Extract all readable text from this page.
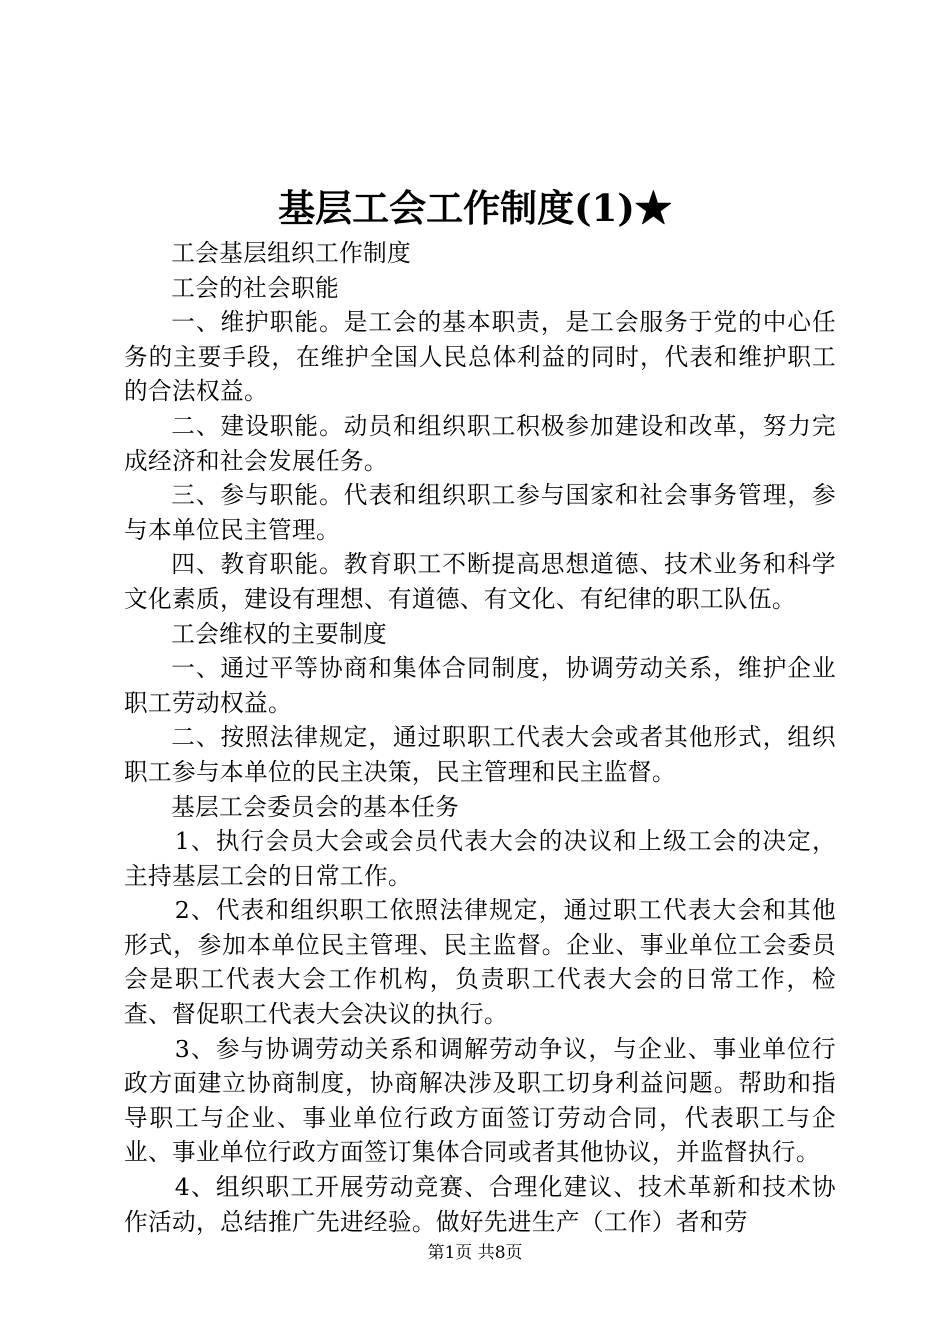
基层工会工作制度(1)★

工会基层组织工作制度

工会的社会职能

一、维护职能。是工会的基本职责，是工会服务于党的中心任务的主要手段，在维护全国人民总体利益的同时，代表和维护职工的合法权益。

二、建设职能。动员和组织职工积极参加建设和改革，努力完成经济和社会发展任务。

三、参与职能。代表和组织职工参与国家和社会事务管理，参与本单位民主管理。

四、教育职能。教育职工不断提高思想道德、技术业务和科学文化素质，建设有理想、有道德、有文化、有纪律的职工队伍。

工会维权的主要制度

一、通过平等协商和集体合同制度，协调劳动关系，维护企业职工劳动权益。

二、按照法律规定，通过职职工代表大会或者其他形式，组织职工参与本单位的民主决策，民主管理和民主监督。

基层工会委员会的基本任务

1、执行会员大会或会员代表大会的决议和上级工会的决定，主持基层工会的日常工作。

2、代表和组织职工依照法律规定，通过职工代表大会和其他形式，参加本单位民主管理、民主监督。企业、事业单位工会委员会是职工代表大会工作机构，负责职工代表大会的日常工作，检查、督促职工代表大会决议的执行。

3、参与协调劳动关系和调解劳动争议，与企业、事业单位行政方面建立协商制度，协商解决涉及职工切身利益问题。帮助和指导职工与企业、事业单位行政方面签订劳动合同，代表职工与企业、事业单位行政方面签订集体合同或者其他协议，并监督执行。

4、组织职工开展劳动竞赛、合理化建议、技术革新和技术协作活动，总结推广先进经验。做好先进生产（工作）者和劳

第1页 共8页
